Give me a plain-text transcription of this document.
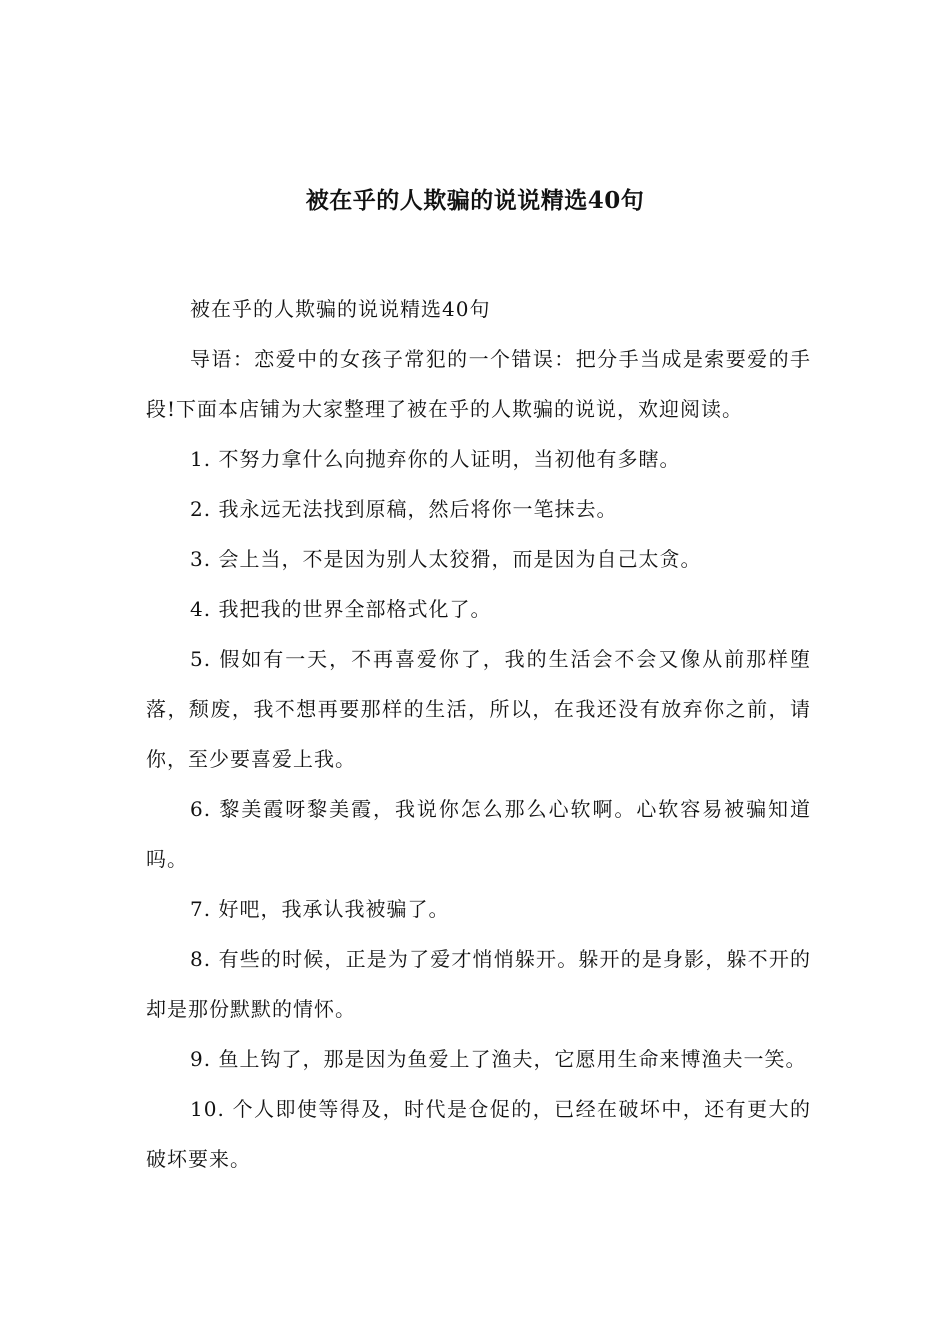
被在乎的人欺骗的说说精选40句

被在乎的人欺骗的说说精选40句

导语：恋爱中的女孩子常犯的一个错误：把分手当成是索要爱的手段!下面本店铺为大家整理了被在乎的人欺骗的说说，欢迎阅读。

1. 不努力拿什么向抛弃你的人证明，当初他有多瞎。

2. 我永远无法找到原稿，然后将你一笔抹去。

3. 会上当，不是因为别人太狡猾，而是因为自己太贪。

4. 我把我的世界全部格式化了。

5. 假如有一天，不再喜爱你了，我的生活会不会又像从前那样堕落，颓废，我不想再要那样的生活，所以，在我还没有放弃你之前，请你，至少要喜爱上我。

6. 黎美霞呀黎美霞，我说你怎么那么心软啊。心软容易被骗知道吗。

7. 好吧，我承认我被骗了。

8. 有些的时候，正是为了爱才悄悄躲开。躲开的是身影，躲不开的却是那份默默的情怀。

9. 鱼上钩了，那是因为鱼爱上了渔夫，它愿用生命来博渔夫一笑。

10. 个人即使等得及，时代是仓促的，已经在破坏中，还有更大的破坏要来。
